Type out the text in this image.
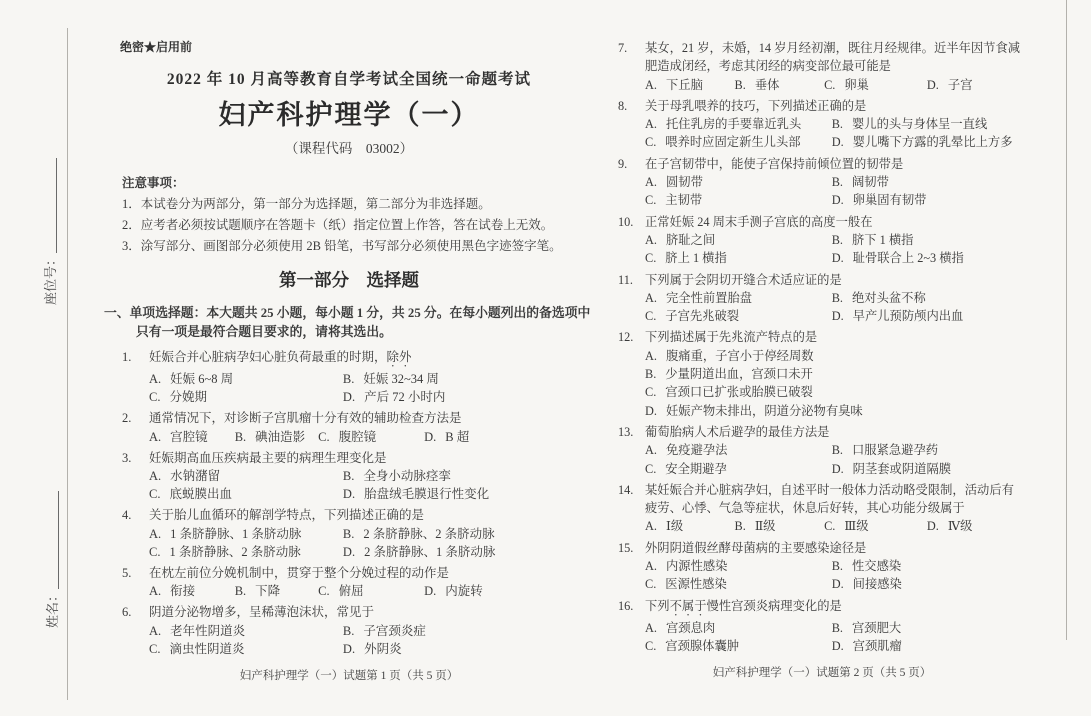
座位号：
姓名：
绝密★启用前
2022 年 10 月高等教育自学考试全国统一命题考试
妇产科护理学（一）
（课程代码　03002）
注意事项：
1．本试卷分为两部分，第一部分为选择题，第二部分为非选择题。
2．应考者必须按试题顺序在答题卡（纸）指定位置上作答，答在试卷上无效。
3．涂写部分、画图部分必须使用 2B 铅笔，书写部分必须使用黑色字迹签字笔。
第一部分　选择题
一、单项选择题：本大题共 25 小题，每小题 1 分，共 25 分。在每小题列出的备选项中
只有一项是最符合题目要求的，请将其选出。
1.	妊娠合并心脏病孕妇心脏负荷最重的时期，除外
A. 妊娠 6~8 周	B. 妊娠 32~34 周
C. 分娩期	D. 产后 72 小时内
2.	通常情况下，对诊断子宫肌瘤十分有效的辅助检查方法是
A. 宫腔镜 B. 碘油造影 C. 腹腔镜	D. B 超
3.	妊娠期高血压疾病最主要的病理生理变化是
A. 水钠潴留	B. 全身小动脉痉挛
C. 底蜕膜出血	D. 胎盘绒毛膜退行性变化
4.	关于胎儿血循环的解剖学特点，下列描述正确的是
A. 1 条脐静脉、1 条脐动脉	B. 2 条脐静脉、2 条脐动脉
C. 1 条脐静脉、2 条脐动脉	D. 2 条脐静脉、1 条脐动脉
5.	在枕左前位分娩机制中，贯穿于整个分娩过程的动作是
A. 衔接	B. 下降	C. 俯屈	D. 内旋转
6.	阴道分泌物增多，呈稀薄泡沫状，常见于
A. 老年性阴道炎	B. 子宫颈炎症
C. 滴虫性阴道炎	D. 外阴炎
妇产科护理学（一）试题第 1 页（共 5 页）
7.	某女，21 岁，未婚，14 岁月经初潮，既往月经规律。近半年因节食减肥造成闭经，考虑其闭经的病变部位最可能是
A. 下丘脑	B. 垂体	C. 卵巢	D. 子宫
8.	关于母乳喂养的技巧，下列描述正确的是
A. 托住乳房的手要靠近乳头 B. 婴儿的头与身体呈一直线
C. 喂养时应固定新生儿头部	D. 婴儿嘴下方露的乳晕比上方多
9.	在子宫韧带中，能使子宫保持前倾位置的韧带是
A. 圆韧带	B. 阔韧带
C. 主韧带	D. 卵巢固有韧带
10. 正常妊娠 24 周末手测子宫底的高度一般在
A. 脐耻之间	B. 脐下 1 横指
C. 脐上 1 横指	D. 耻骨联合上 2~3 横指
11. 下列属于会阴切开缝合术适应证的是
A. 完全性前置胎盘	B. 绝对头盆不称
C. 子宫先兆破裂	D. 早产儿预防颅内出血
12. 下列描述属于先兆流产特点的是
A. 腹痛重，子宫小于停经周数
B. 少量阴道出血，宫颈口未开
C. 宫颈口已扩张或胎膜已破裂
D. 妊娠产物未排出，阴道分泌物有臭味
13. 葡萄胎病人术后避孕的最佳方法是
A. 免疫避孕法	B. 口服紧急避孕药
C. 安全期避孕	D. 阴茎套或阴道隔膜
14. 某妊娠合并心脏病孕妇，自述平时一般体力活动略受限制，活动后有疲劳、心悸、气急等症状，休息后好转，其心功能分级属于
A. Ⅰ级	B. Ⅱ级	C. Ⅲ级	D. Ⅳ级
15. 外阴阴道假丝酵母菌病的主要感染途径是
A. 内源性感染	B. 性交感染
C. 医源性感染	D. 间接感染
16. 下列不属于慢性宫颈炎病理变化的是
A. 宫颈息肉	B. 宫颈肥大
C. 宫颈腺体囊肿	D. 宫颈肌瘤
妇产科护理学（一）试题第 2 页（共 5 页）
